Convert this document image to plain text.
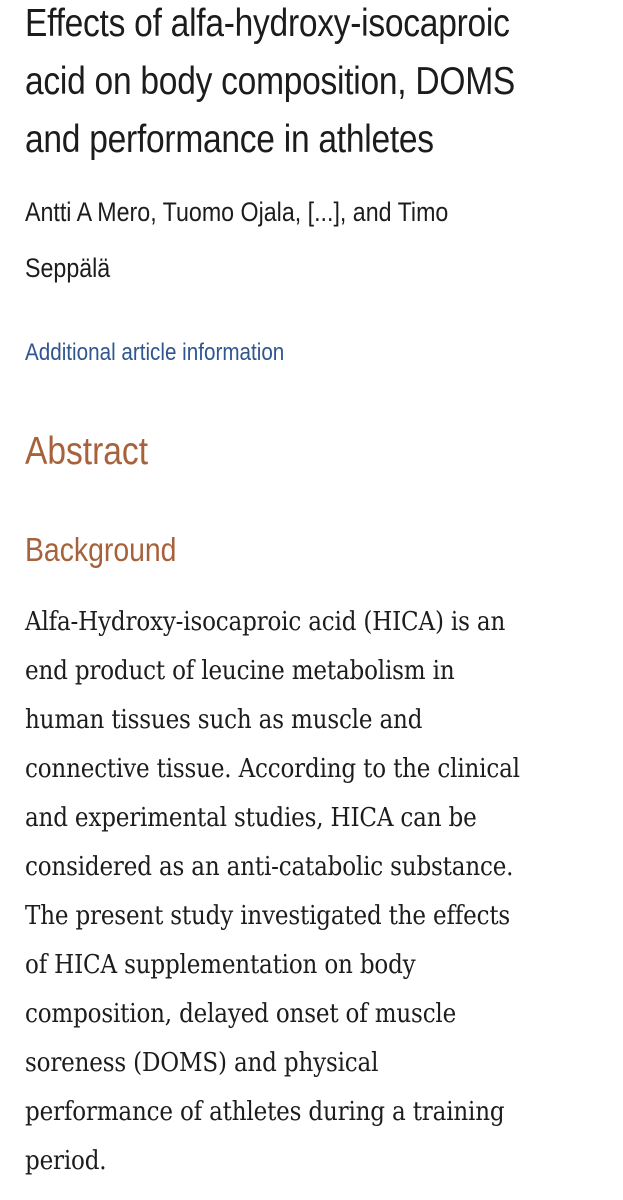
Effects of alfa-hydroxy-isocaproic
acid on body composition, DOMS
and performance in athletes
Antti A Mero, Tuomo Ojala, [...], and Timo
Seppälä
Additional article information
Abstract
Background

Alfa-Hydroxy-isocaproic acid (HICA) is an
end product of leucine metabolism in
human tissues such as muscle and
connective tissue. According to the clinical
and experimental studies, HICA can be
considered as an anti-catabolic substance.
The present study investigated the effects
of HICA supplementation on body
composition, delayed onset of muscle
soreness (DOMS) and physical
performance of athletes during a training
period.
